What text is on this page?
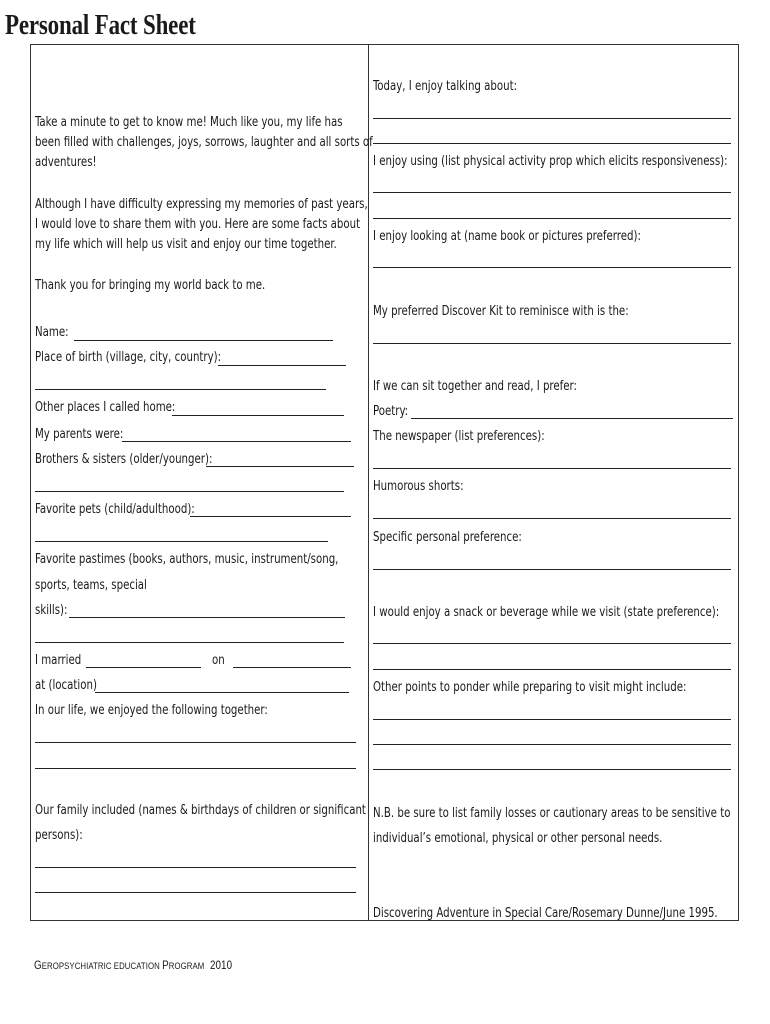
Personal Fact Sheet
Take a minute to get to know me! Much like you, my life has
been filled with challenges, joys, sorrows, laughter and all sorts of
adventures!
Although I have difficulty expressing my memories of past years,
I would love to share them with you. Here are some facts about
my life which will help us visit and enjoy our time together.
Thank you for bringing my world back to me.
Name:
Place of birth (village, city, country):
Other places I called home:
My parents were:
Brothers & sisters (older/younger):
Favorite pets (child/adulthood):
Favorite pastimes (books, authors, music, instrument/song,
sports, teams, special
skills):
I married	on
at (location)
In our life, we enjoyed the following together:
Our family included (names & birthdays of children or significant
persons):
Today, I enjoy talking about:
I enjoy using (list physical activity prop which elicits responsiveness):
I enjoy looking at (name book or pictures preferred):
My preferred Discover Kit to reminisce with is the:
If we can sit together and read, I prefer:
Poetry:
The newspaper (list preferences):
Humorous shorts:
Specific personal preference:
I would enjoy a snack or beverage while we visit (state preference):
Other points to ponder while preparing to visit might include:
N.B. be sure to list family losses or cautionary areas to be sensitive to
individual’s emotional, physical or other personal needs.
Discovering Adventure in Special Care/Rosemary Dunne/June 1995.
GEROPSYCHIATRIC EDUCATION PROGRAM 2010
